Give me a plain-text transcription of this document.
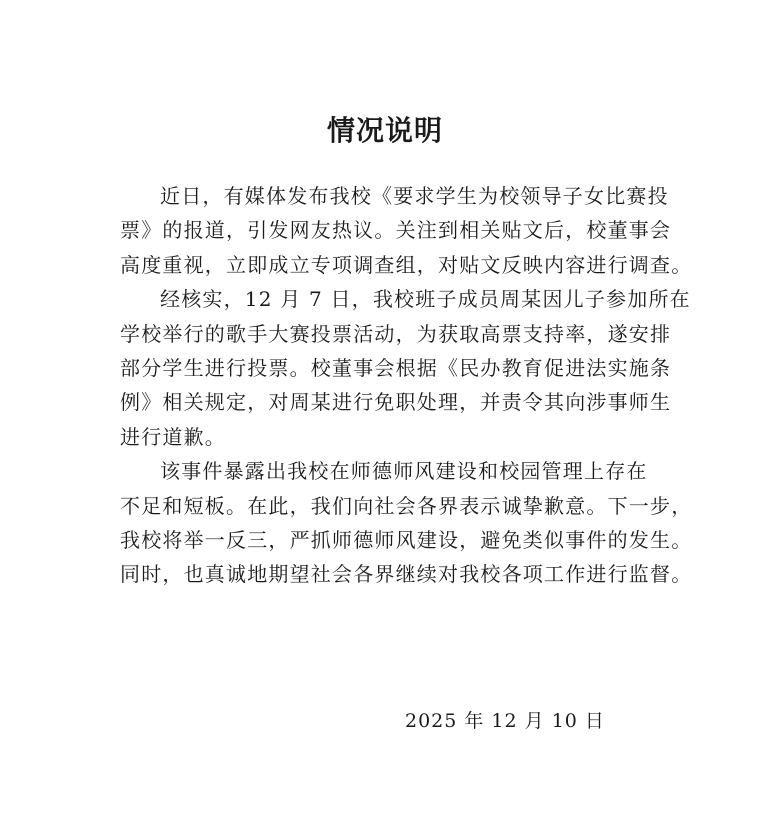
情况说明

近日，有媒体发布我校《要求学生为校领导子女比赛投
票》的报道，引发网友热议。关注到相关贴文后，校董事会
高度重视，立即成立专项调查组，对贴文反映内容进行调查。

经核实，12 月 7 日，我校班子成员周某因儿子参加所在
学校举行的歌手大赛投票活动，为获取高票支持率，遂安排
部分学生进行投票。校董事会根据《民办教育促进法实施条
例》相关规定，对周某进行免职处理，并责令其向涉事师生
进行道歉。

该事件暴露出我校在师德师风建设和校园管理上存在
不足和短板。在此，我们向社会各界表示诚挚歉意。下一步，
我校将举一反三，严抓师德师风建设，避免类似事件的发生。
同时，也真诚地期望社会各界继续对我校各项工作进行监督。

2025 年 12 月 10 日
